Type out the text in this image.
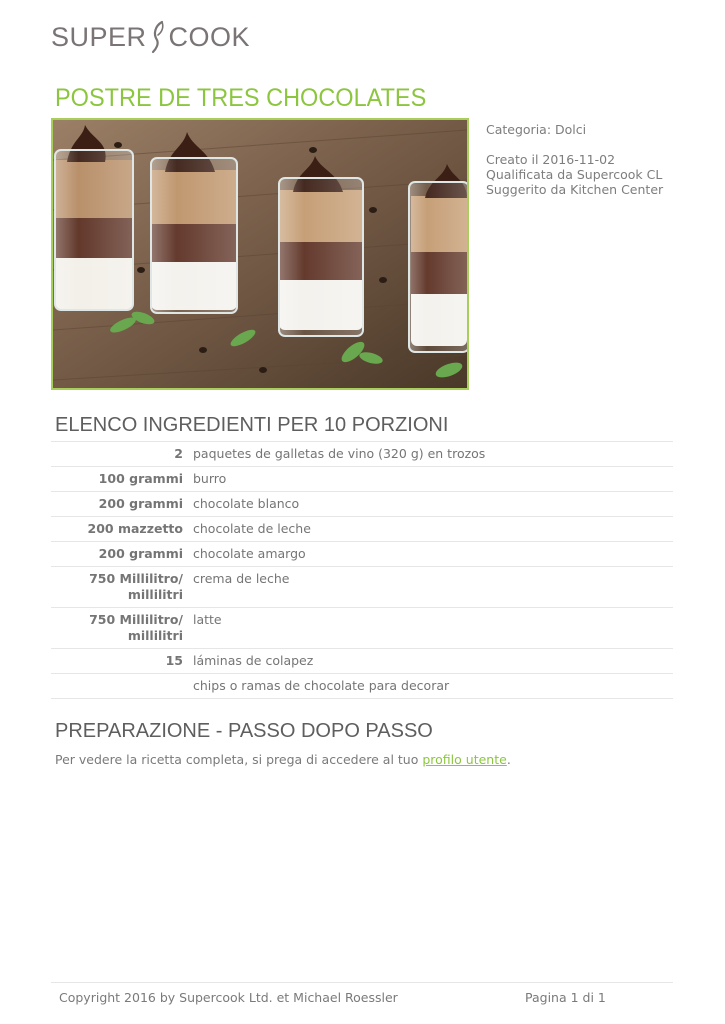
SUPER COOK
POSTRE DE TRES CHOCOLATES
Categoria: Dolci
Creato il 2016-11-02
Qualificata da Supercook CL
Suggerito da Kitchen Center
ELENCO INGREDIENTI PER 10 PORZIONI
2 paquetes de galletas de vino (320 g) en trozos
100 grammi burro
200 grammi chocolate blanco
200 mazzetto chocolate de leche
200 grammi chocolate amargo
750 Millilitro/ millilitri
crema de leche
750 Millilitro/ millilitri
latte
15 láminas de colapez
chips o ramas de chocolate para decorar
PREPARAZIONE - PASSO DOPO PASSO
Per vedere la ricetta completa, si prega di accedere al tuo profilo utente.
Copyright 2016 by Supercook Ltd. et Michael Roessler	Pagina 1 di 1
